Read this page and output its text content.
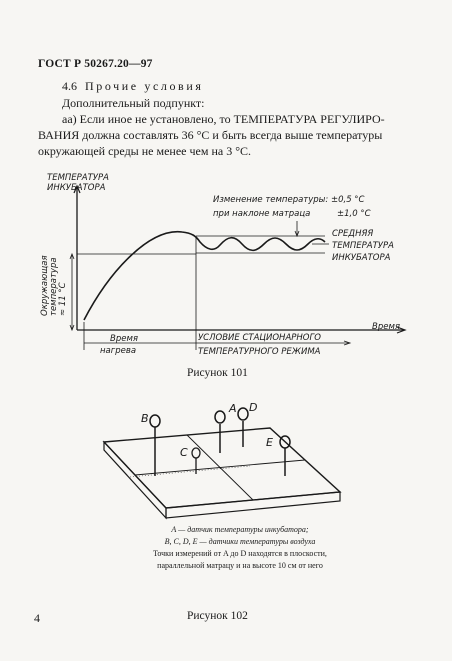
ГОСТ Р 50267.20—97
4.6 Прочие условия
Дополнительный подпункт:
аа) Если иное не установлено, то ТЕМПЕРАТУРА РЕГУЛИРО-
ВАНИЯ должна составлять 36 °С и быть всегда выше температуры
окружающей среды не менее чем на 3 °С.
ТЕМПЕРАТУРА
ИНКУБАТОРА
Окружающая температура ≈ 11 °С
Изменение температуры: ±0,5 °С
при наклоне матраца	±1,0 °С
СРЕДНЯЯ
ТЕМПЕРАТУРА
ИНКУБАТОРА
Время
Время
нагрева
УСЛОВИЕ СТАЦИОНАРНОГО
ТЕМПЕРАТУРНОГО РЕЖИМА
Рисунок 101
B
A D
C
E
A — датчик температуры инкубатора;
B, C, D, E — датчики температуры воздуха
Точки измерений от A до D находятся в плоскости,
параллельной матрацу и на высоте 10 см от него
Рисунок 102
4
